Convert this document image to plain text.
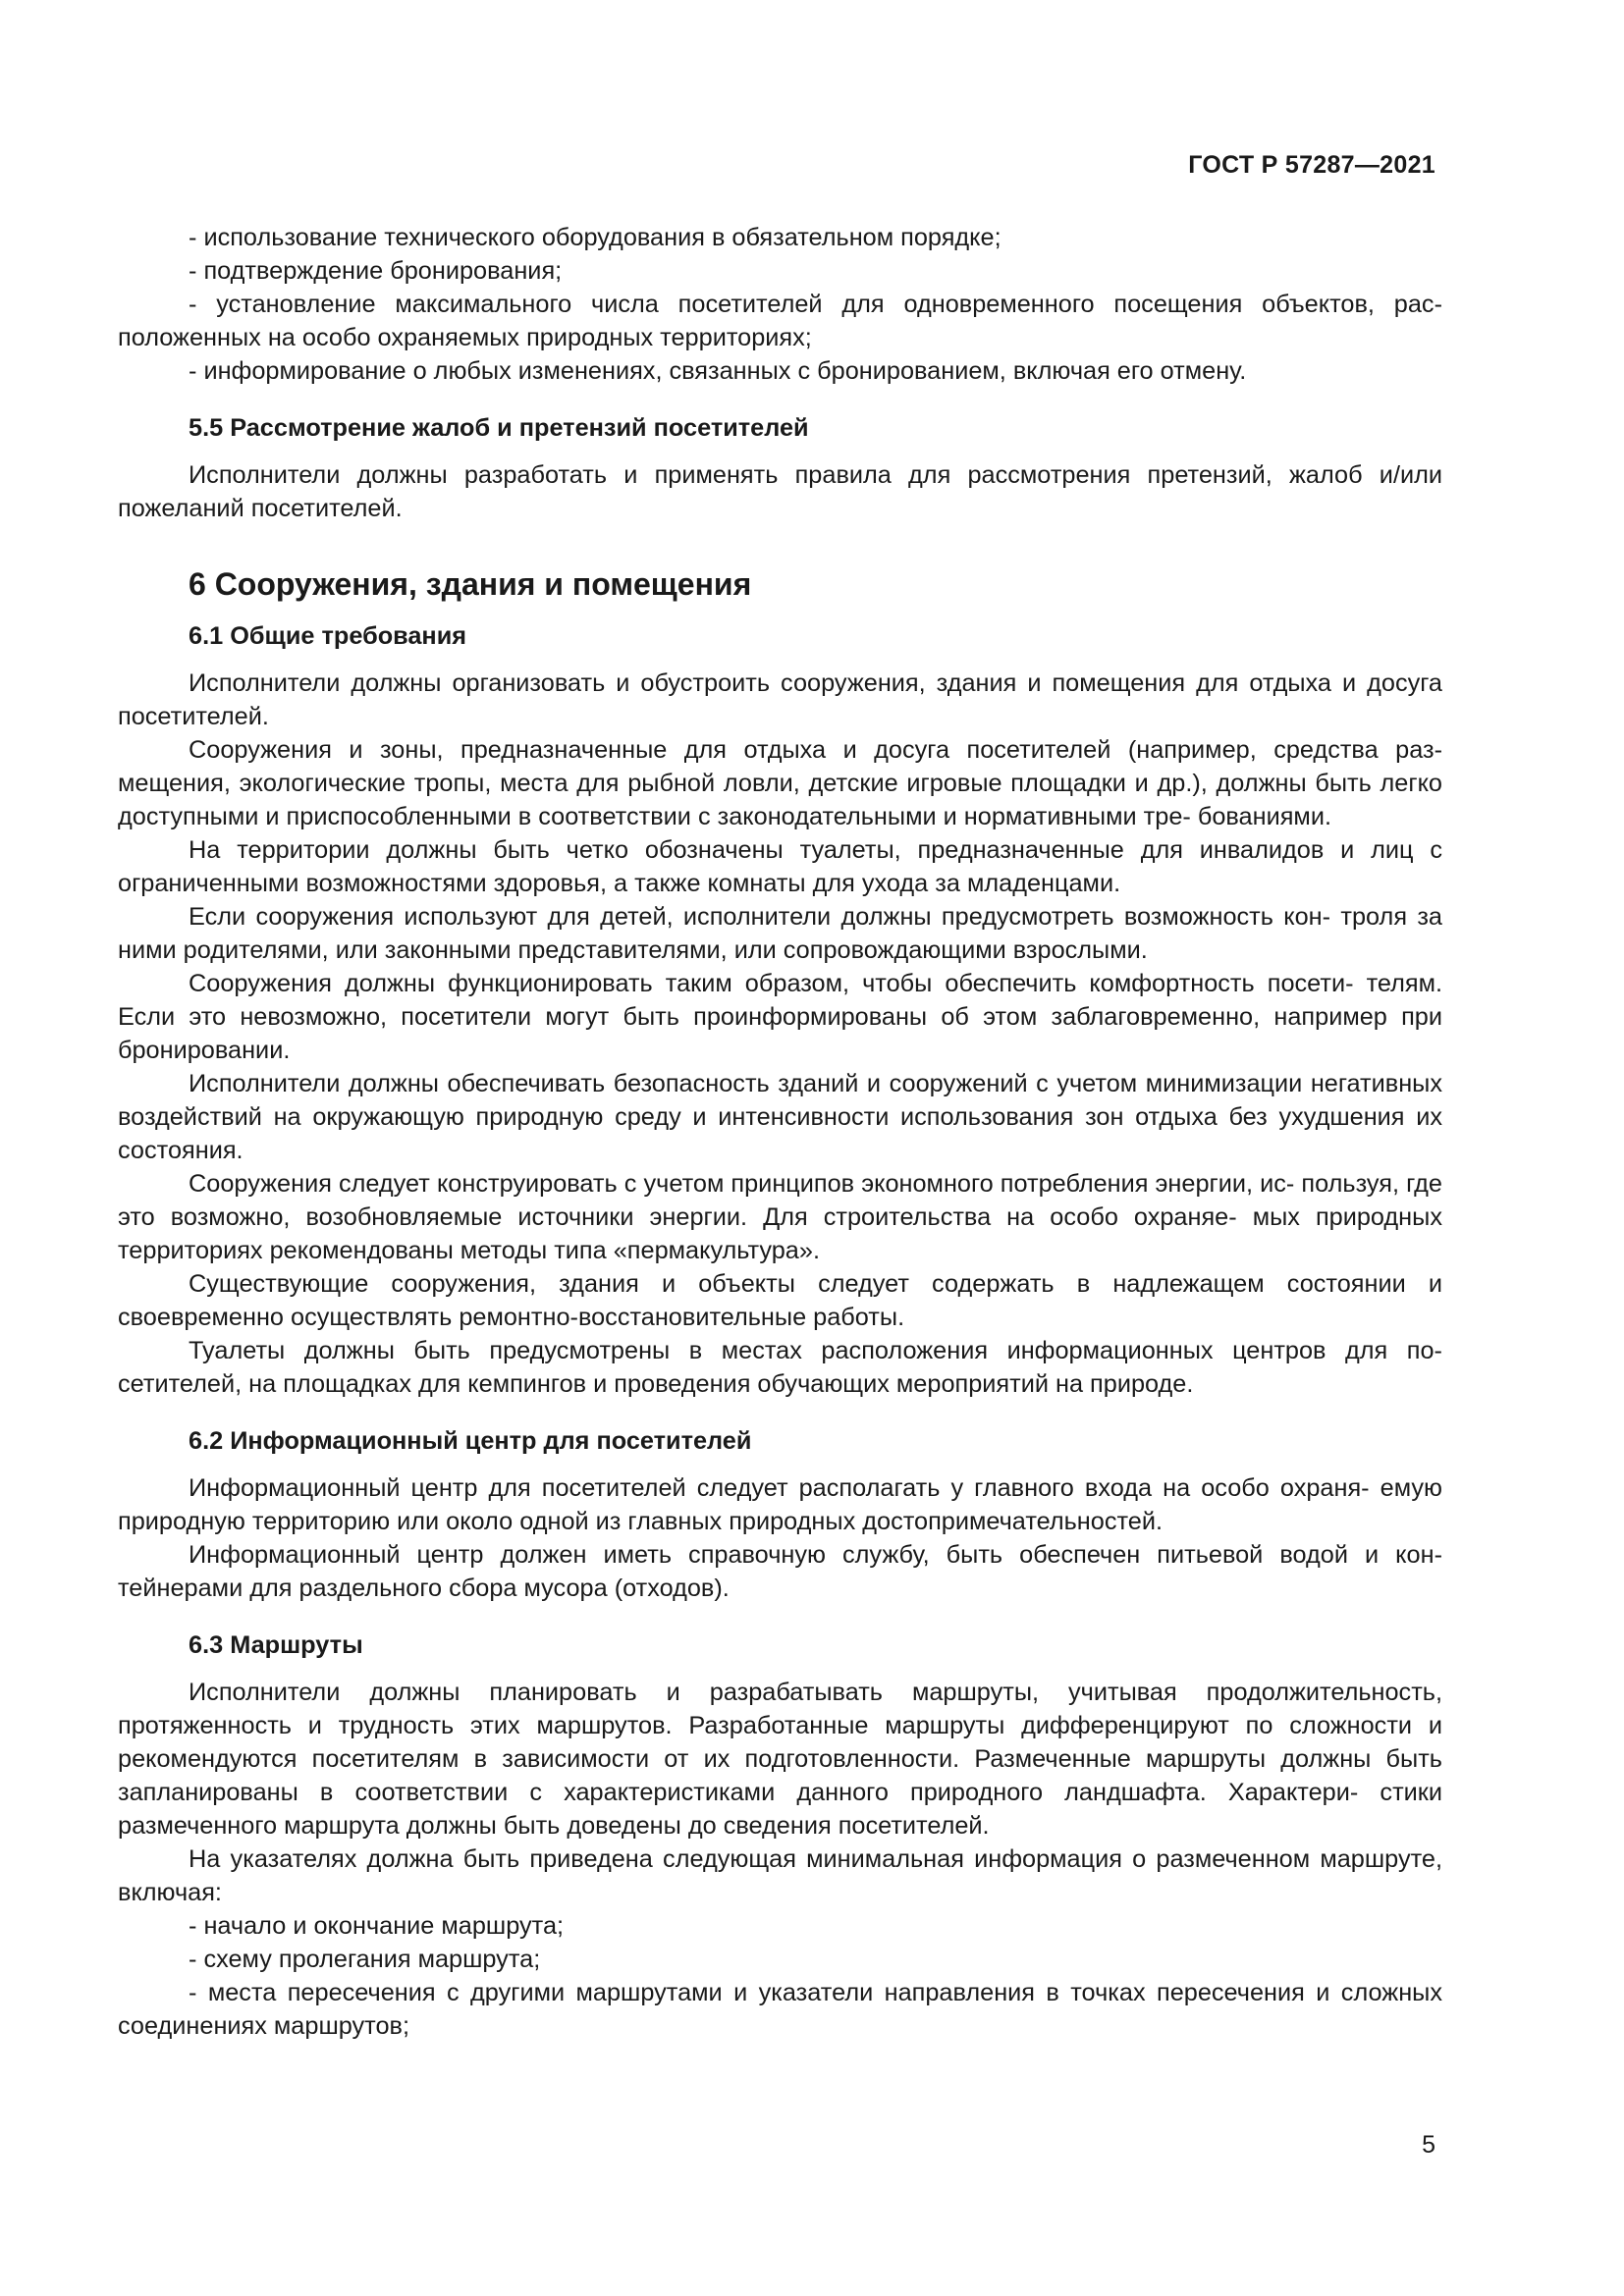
ГОСТ Р 57287—2021

- использование технического оборудования в обязательном порядке;

- подтверждение бронирования;

- установление максимального числа посетителей для одновременного посещения объектов, рас- положенных на особо охраняемых природных территориях;

- информирование о любых изменениях, связанных с бронированием, включая его отмену.

5.5 Рассмотрение жалоб и претензий посетителей

Исполнители должны разработать и применять правила для рассмотрения претензий, жалоб и/или пожеланий посетителей.

6 Сооружения, здания и помещения
6.1 Общие требования

Исполнители должны организовать и обустроить сооружения, здания и помещения для отдыха и досуга посетителей.

Сооружения и зоны, предназначенные для отдыха и досуга посетителей (например, средства раз- мещения, экологические тропы, места для рыбной ловли, детские игровые площадки и др.), должны быть легко доступными и приспособленными в соответствии с законодательными и нормативными тре- бованиями.

На территории должны быть четко обозначены туалеты, предназначенные для инвалидов и лиц с ограниченными возможностями здоровья, а также комнаты для ухода за младенцами.

Если сооружения используют для детей, исполнители должны предусмотреть возможность кон- троля за ними родителями, или законными представителями, или сопровождающими взрослыми.

Сооружения должны функционировать таким образом, чтобы обеспечить комфортность посети- телям. Если это невозможно, посетители могут быть проинформированы об этом заблаговременно, например при бронировании.

Исполнители должны обеспечивать безопасность зданий и сооружений с учетом минимизации негативных воздействий на окружающую природную среду и интенсивности использования зон отдыха без ухудшения их состояния.

Сооружения следует конструировать с учетом принципов экономного потребления энергии, ис- пользуя, где это возможно, возобновляемые источники энергии. Для строительства на особо охраняе- мых природных территориях рекомендованы методы типа «пермакультура».

Существующие сооружения, здания и объекты следует содержать в надлежащем состоянии и своевременно осуществлять ремонтно-восстановительные работы.

Туалеты должны быть предусмотрены в местах расположения информационных центров для по- сетителей, на площадках для кемпингов и проведения обучающих мероприятий на природе.

6.2 Информационный центр для посетителей

Информационный центр для посетителей следует располагать у главного входа на особо охраня- емую природную территорию или около одной из главных природных достопримечательностей.

Информационный центр должен иметь справочную службу, быть обеспечен питьевой водой и кон- тейнерами для раздельного сбора мусора (отходов).

6.3 Маршруты

Исполнители должны планировать и разрабатывать маршруты, учитывая продолжительность, протяженность и трудность этих маршрутов. Разработанные маршруты дифференцируют по сложности и рекомендуются посетителям в зависимости от их подготовленности. Размеченные маршруты должны быть запланированы в соответствии с характеристиками данного природного ландшафта. Характери- стики размеченного маршрута должны быть доведены до сведения посетителей.

На указателях должна быть приведена следующая минимальная информация о размеченном маршруте, включая:

- начало и окончание маршрута;

- схему пролегания маршрута;

- места пересечения с другими маршрутами и указатели направления в точках пересечения и сложных соединениях маршрутов;

5
